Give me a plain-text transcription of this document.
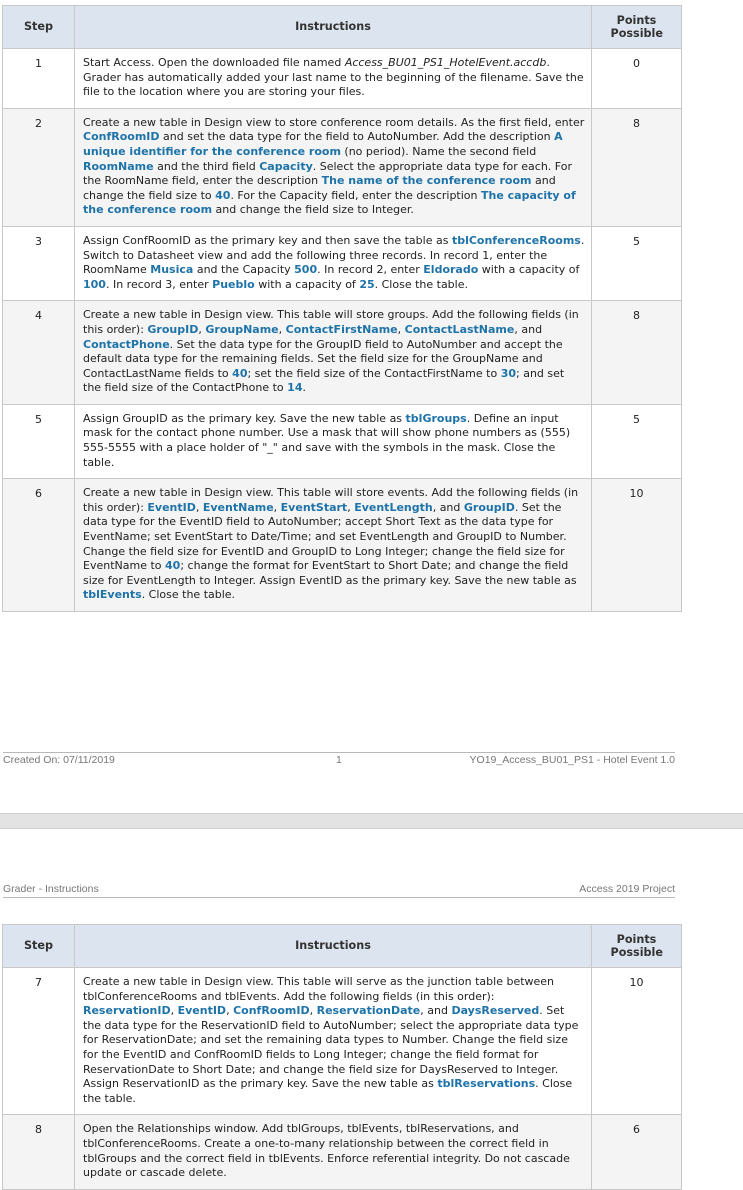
Step	Instructions	Points Possible
1	Start Access. Open the downloaded file named Access_BU01_PS1_HotelEvent.accdb. Grader has automatically added your last name to the beginning of the filename. Save the file to the location where you are storing your files.	0
2	Create a new table in Design view to store conference room details. As the first field, enter ConfRoomID and set the data type for the field to AutoNumber. Add the description A unique identifier for the conference room (no period). Name the second field RoomName and the third field Capacity. Select the appropriate data type for each. For the RoomName field, enter the description The name of the conference room and change the field size to 40. For the Capacity field, enter the description The capacity of the conference room and change the field size to Integer.	8
3	Assign ConfRoomID as the primary key and then save the table as tblConferenceRooms. Switch to Datasheet view and add the following three records. In record 1, enter the RoomName Musica and the Capacity 500. In record 2, enter Eldorado with a capacity of 100. In record 3, enter Pueblo with a capacity of 25. Close the table.	5
4	Create a new table in Design view. This table will store groups. Add the following fields (in this order): GroupID, GroupName, ContactFirstName, ContactLastName, and ContactPhone. Set the data type for the GroupID field to AutoNumber and accept the default data type for the remaining fields. Set the field size for the GroupName and ContactLastName fields to 40; set the field size of the ContactFirstName to 30; and set the field size of the ContactPhone to 14.	8
5	Assign GroupID as the primary key. Save the new table as tblGroups. Define an input mask for the contact phone number. Use a mask that will show phone numbers as (555) 555-5555 with a place holder of "_" and save with the symbols in the mask. Close the table.	5
6	Create a new table in Design view. This table will store events. Add the following fields (in this order): EventID, EventName, EventStart, EventLength, and GroupID. Set the data type for the EventID field to AutoNumber; accept Short Text as the data type for EventName; set EventStart to Date/Time; and set EventLength and GroupID to Number. Change the field size for EventID and GroupID to Long Integer; change the field size for EventName to 40; change the format for EventStart to Short Date; and change the field size for EventLength to Integer. Assign EventID as the primary key. Save the new table as tblEvents. Close the table.	10
Created On: 07/11/2019	1	YO19_Access_BU01_PS1 - Hotel Event 1.0
Grader - Instructions	Access 2019 Project
Step	Instructions	Points Possible
7	Create a new table in Design view. This table will serve as the junction table between tblConferenceRooms and tblEvents. Add the following fields (in this order): ReservationID, EventID, ConfRoomID, ReservationDate, and DaysReserved. Set the data type for the ReservationID field to AutoNumber; select the appropriate data type for ReservationDate; and set the remaining data types to Number. Change the field size for the EventID and ConfRoomID fields to Long Integer; change the field format for ReservationDate to Short Date; and change the field size for DaysReserved to Integer. Assign ReservationID as the primary key. Save the new table as tblReservations. Close the table.	10
8	Open the Relationships window. Add tblGroups, tblEvents, tblReservations, and tblConferenceRooms. Create a one-to-many relationship between the correct field in tblGroups and the correct field in tblEvents. Enforce referential integrity. Do not cascade update or cascade delete.	6
